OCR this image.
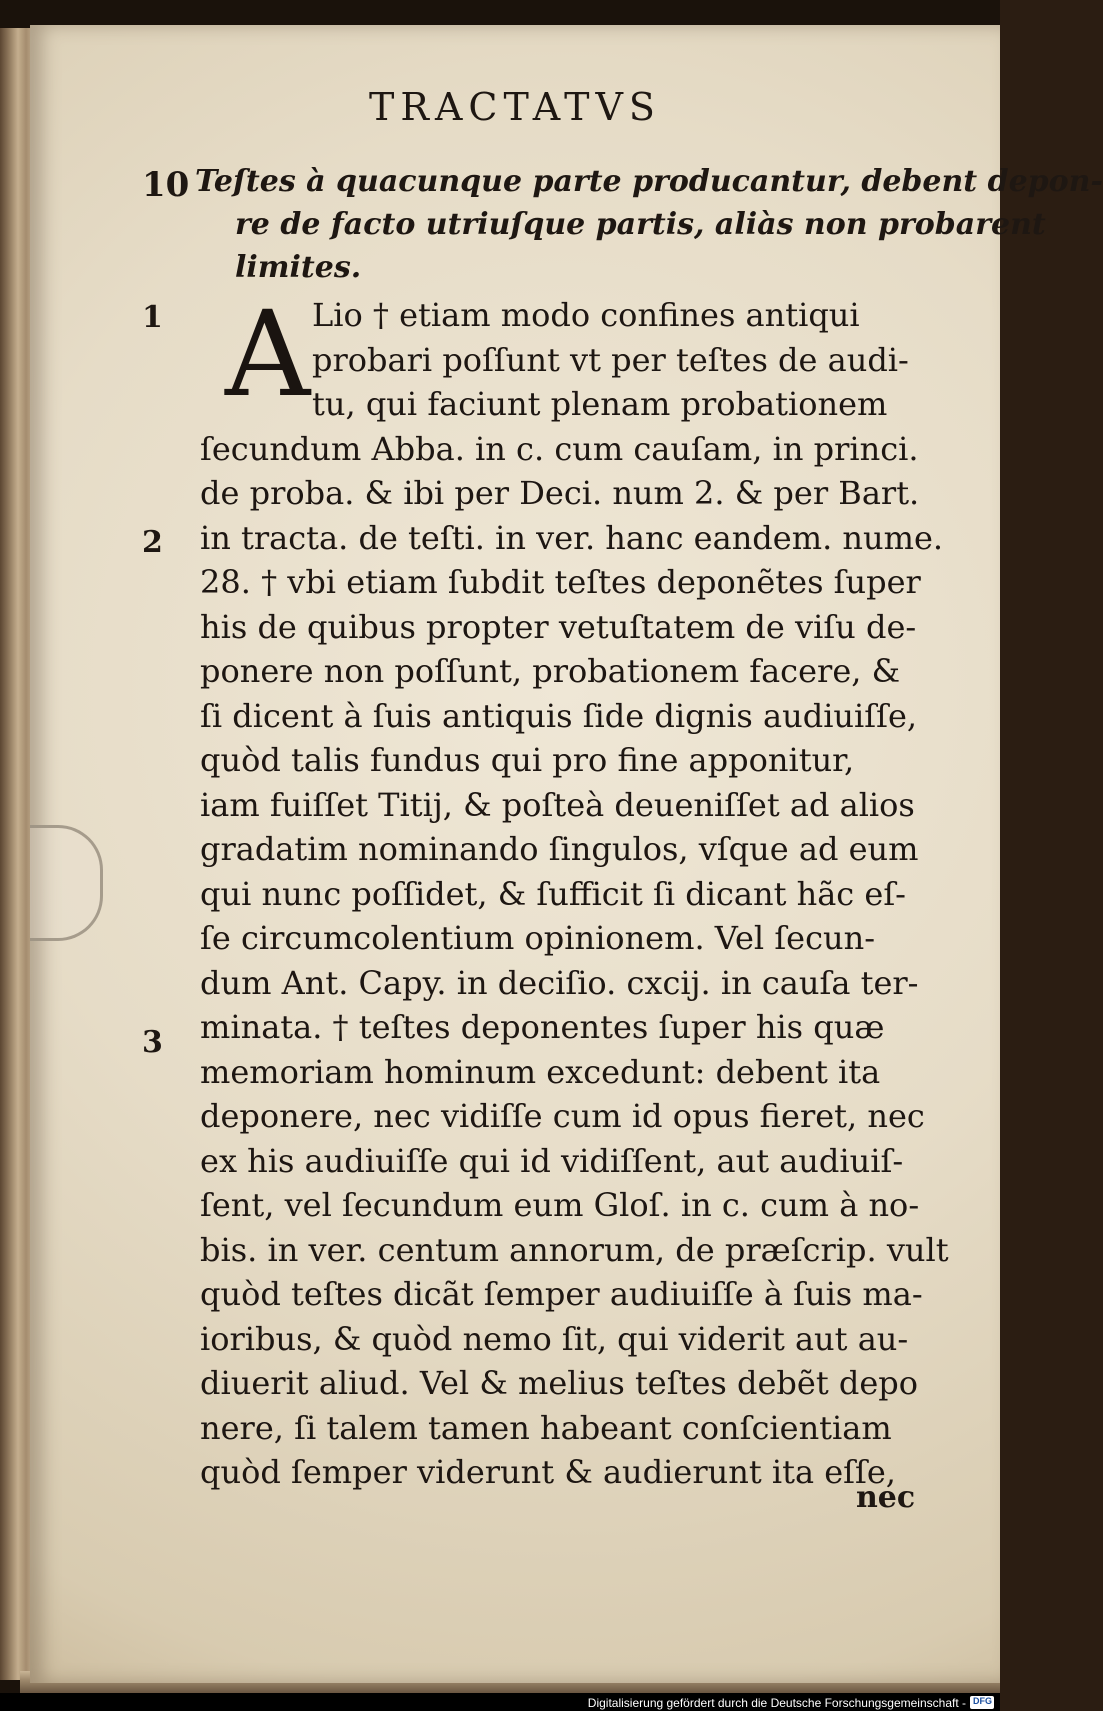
TRACTATVS
10 Teſtes à quacunque parte producantur, debent depon-
re de facto utriuſque partis, aliàs non probarent
limites.
1
2
3
A Lio † etiam modo confines antiqui
probari poſſunt vt per teſtes de audi-
tu, qui faciunt plenam probationem
ſecundum Abba. in c. cum cauſam, in princi.
de proba. & ibi per Deci. num 2. & per Bart.
in tracta. de teſti. in ver. hanc eandem. nume.
28. † vbi etiam ſubdit teſtes deponẽtes ſuper
his de quibus propter vetuſtatem de viſu de-
ponere non poſſunt, probationem facere, &
ſi dicent à ſuis antiquis ſide dignis audiuiſſe,
quòd talis fundus qui pro fine apponitur,
iam fuiſſet Titij, & poſteà deueniſſet ad alios
gradatim nominando ſingulos, vſque ad eum
qui nunc poſſidet, & ſufficit ſi dicant hãc eſ-
ſe circumcolentium opinionem. Vel ſecun-
dum Ant. Capy. in deciſio. cxcij. in cauſa ter-
minata. † teſtes deponentes ſuper his quæ
memoriam hominum excedunt: debent ita
deponere, nec vidiſſe cum id opus fieret, nec
ex his audiuiſſe qui id vidiſſent, aut audiuiſ-
ſent, vel ſecundum eum Gloſ. in c. cum à no-
bis. in ver. centum annorum, de præſcrip. vult
quòd teſtes dicãt ſemper audiuiſſe à ſuis ma-
ioribus, & quòd nemo ſit, qui viderit aut au-
diuerit aliud. Vel & melius teſtes debẽt depo
nere, ſi talem tamen habeant conſcientiam
quòd ſemper viderunt & audierunt ita eſſe,
nec
Digitalisierung gefördert durch die Deutsche Forschungsgemeinschaft - DFG
